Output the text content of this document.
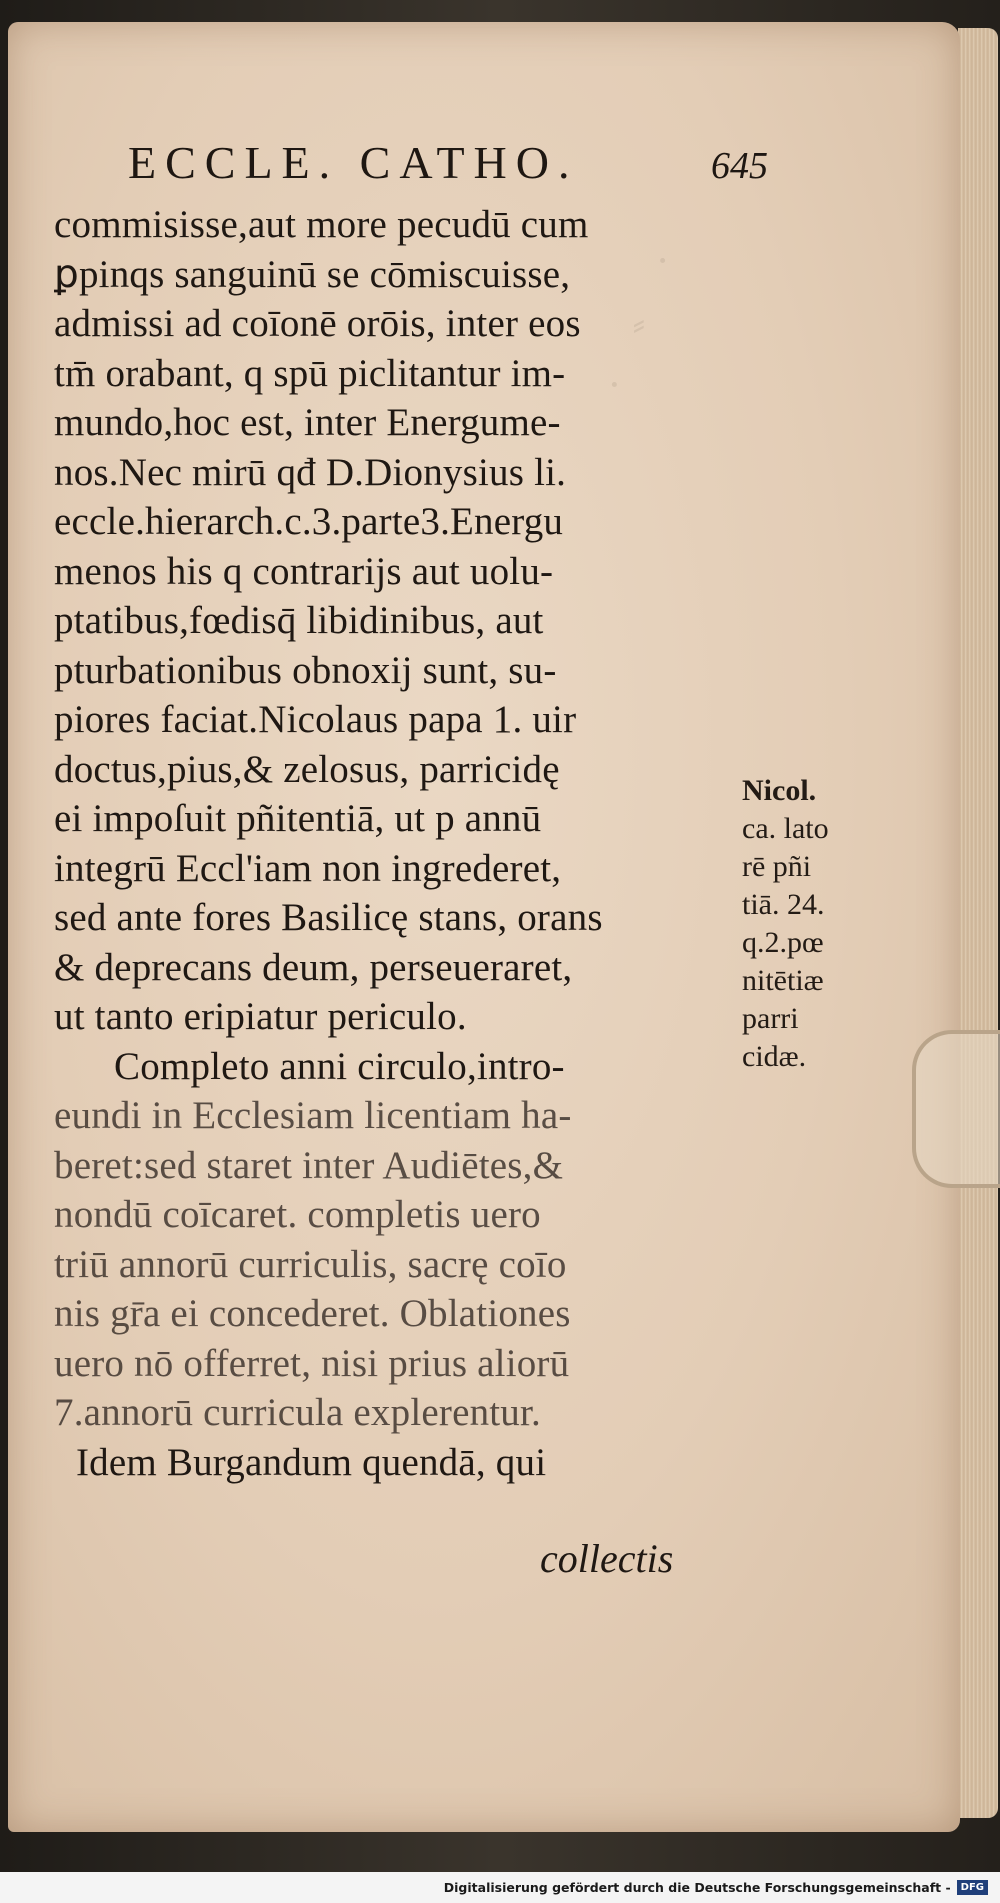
·
⸗
·
ECCLE. CATHO.	645
commisisse,aut more pecudū cum
ꝑpinqs sanguinū se cōmiscuisse,
admissi ad coīonē orōis, inter eos
tm̄ orabant, q spū piclitantur im-
mundo,hoc est, inter Energume-
nos.Nec mirū qđ D.Dionysius li.
eccle.hierarch.c.3.parte3.Energu
menos his q contrarijs aut uolu-
ptatibus,fœdisq̄ libidinibus, aut
pturbationibus obnoxij sunt, su-
piores faciat.Nicolaus papa 1. uir
doctus,pius,& zelosus, parricidę
ei impoſuit pñitentiā, ut p annū
integrū Eccl'iam non ingrederet,
sed ante fores Basilicę stans, orans
& deprecans deum, perseueraret,
ut tanto eripiatur periculo.
Completo anni circulo,intro-
eundi in Ecclesiam licentiam ha-
beret:sed staret inter Audiētes,&
nondū coīcaret. completis uero
triū annorū curriculis, sacrę coīo
nis gr̄a ei concederet. Oblationes
uero nō offerret, nisi prius aliorū
7.annorū curricula explerentur.
Idem Burgandum quendā, qui
collectis
Nicol.
ca. lato
rē pñi
tiā. 24.
q.2.pœ
nitētiæ
parri
cidæ.
Digitalisierung gefördert durch die Deutsche Forschungsgemeinschaft -	DFG
